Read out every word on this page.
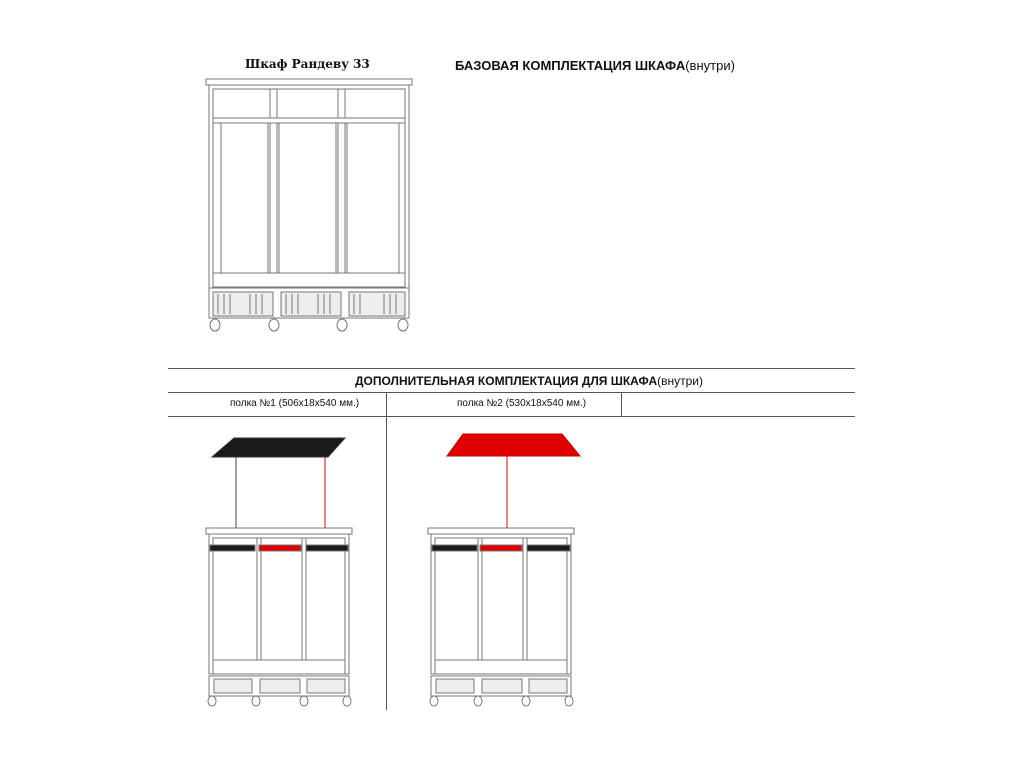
Шкаф Рандеву 33	БАЗОВАЯ КОМПЛЕКТАЦИЯ ШКАФА(внутри)
ДОПОЛНИТЕЛЬНАЯ КОМПЛЕКТАЦИЯ ДЛЯ ШКАФА(внутри)
полка №1 (506x18x540 мм.)	полка №2 (530x18x540 мм.)
